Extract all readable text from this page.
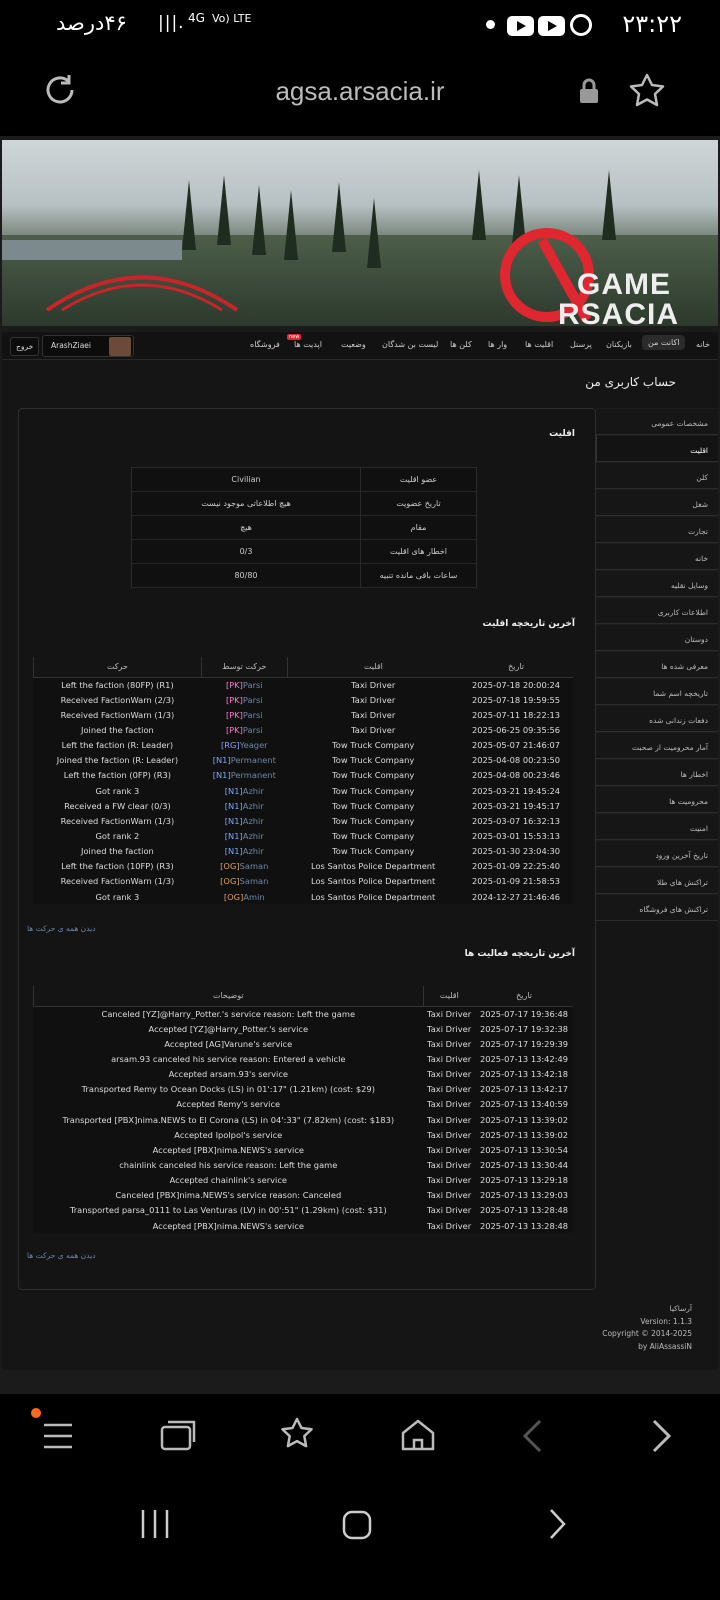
۴۶درصد |||. 4G Vo) LTE	۲۳:۲۲
agsa.arsacia.ir
GAME
RSACIA
خانه
اکانت من
بازیکنان
پرسنل
اقلیت ها
وار ها
کلن ها
لیست بن شدگان
وضعیت
اپدیت ها
new
فروشگاه
ArashZiaei
خروج
حساب کاربری من
مشخصات عمومی
اقلیت
کلن
شغل
تجارت
خانه
وسایل نقلیه
اطلاعات کاربری
دوستان
معرفی شده ها
تاریخچه اسم شما
دفعات زندانی شده
آمار محرومیت از صحبت
اخطار ها
محرومیت ها
امنیت
تاریخ آخرین ورود
تراکنش های طلا
تراکنش های فروشگاه
اقلیت
Civilian	عضو اقلیت
هیچ اطلاعاتی موجود نیست	تاریخ عضویت
هیچ	مقام
0/3	اخطار های اقلیت
80/80	ساعات باقی مانده تنبیه
آخرین تاریخچه اقلیت
حرکت	حرکت توسط	اقلیت	تاریخ
Left the faction (80FP) (R1)	[PK]Parsi	Taxi Driver	2025-07-18 20:00:24
Received FactionWarn (2/3)	[PK]Parsi	Taxi Driver	2025-07-18 19:59:55
Received FactionWarn (1/3)	[PK]Parsi	Taxi Driver	2025-07-11 18:22:13
Joined the faction	[PK]Parsi	Taxi Driver	2025-06-25 09:35:56
Left the faction (R: Leader)	[RG]Yeager	Tow Truck Company	2025-05-07 21:46:07
Joined the faction (R: Leader)	[N1]Permanent	Tow Truck Company	2025-04-08 00:23:50
Left the faction (0FP) (R3)	[N1]Permanent	Tow Truck Company	2025-04-08 00:23:46
Got rank 3	[N1]Azhir	Tow Truck Company	2025-03-21 19:45:24
Received a FW clear (0/3)	[N1]Azhir	Tow Truck Company	2025-03-21 19:45:17
Received FactionWarn (1/3)	[N1]Azhir	Tow Truck Company	2025-03-07 16:32:13
Got rank 2	[N1]Azhir	Tow Truck Company	2025-03-01 15:53:13
Joined the faction	[N1]Azhir	Tow Truck Company	2025-01-30 23:04:30
Left the faction (10FP) (R3)	[OG]Saman	Los Santos Police Department	2025-01-09 22:25:40
Received FactionWarn (1/3)	[OG]Saman	Los Santos Police Department	2025-01-09 21:58:53
Got rank 3	[OG]Amin	Los Santos Police Department	2024-12-27 21:46:46
دیدن همه ی حرکت ها
آخرین تاریخچه فعالیت ها
توضیحات	اقلیت	تاریخ
Canceled [YZ]@Harry_Potter.'s service reason: Left the game	Taxi Driver	2025-07-17 19:36:48
Accepted [YZ]@Harry_Potter.'s service	Taxi Driver	2025-07-17 19:32:38
Accepted [AG]Varune's service	Taxi Driver	2025-07-17 19:29:39
arsam.93 canceled his service reason: Entered a vehicle	Taxi Driver	2025-07-13 13:42:49
Accepted arsam.93's service	Taxi Driver	2025-07-13 13:42:18
Transported Remy to Ocean Docks (LS) in 01':17" (1.21km) (cost: $29)	Taxi Driver	2025-07-13 13:42:17
Accepted Remy's service	Taxi Driver	2025-07-13 13:40:59
Transported [PBX]nima.NEWS to El Corona (LS) in 04':33" (7.82km) (cost: $183)	Taxi Driver	2025-07-13 13:39:02
Accepted Ipolpol's service	Taxi Driver	2025-07-13 13:39:02
Accepted [PBX]nima.NEWS's service	Taxi Driver	2025-07-13 13:30:54
chainlink canceled his service reason: Left the game	Taxi Driver	2025-07-13 13:30:44
Accepted chainlink's service	Taxi Driver	2025-07-13 13:29:18
Canceled [PBX]nima.NEWS's service reason: Canceled	Taxi Driver	2025-07-13 13:29:03
Transported parsa_0111 to Las Venturas (LV) in 00':51" (1.29km) (cost: $31)	Taxi Driver	2025-07-13 13:28:48
Accepted [PBX]nima.NEWS's service	Taxi Driver	2025-07-13 13:28:48
دیدن همه ی حرکت ها
آرساکیا
Version: 1.1.3
Copyright © 2014-2025
by AliAssassiN
